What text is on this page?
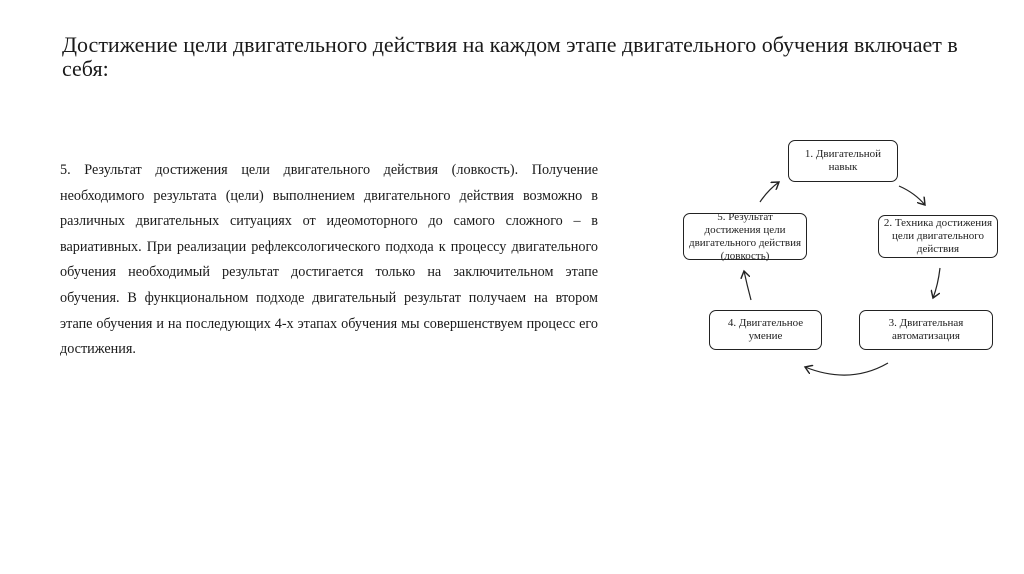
Достижение цели двигательного действия на каждом этапе двигательного обучения включает в себя:
5. Результат достижения цели двигательного действия (ловкость). Получение необходимого результата (цели) выполнением двигательного действия возможно в различных двигательных ситуациях от идеомоторного до самого сложного – в вариативных. При реализации рефлексологического подхода к процессу двигательного обучения необходимый результат достигается только на заключительном этапе обучения. В функциональном подходе двигательный результат получаем на втором этапе обучения и на последующих 4-х этапах обучения мы совершенствуем процесс его достижения.
1. Двигательной навык
2. Техника достижения цели двигательного действия
3. Двигательная автоматизация
4. Двигательное умение
5. Результат достижения цели двигательного действия (ловкость)
